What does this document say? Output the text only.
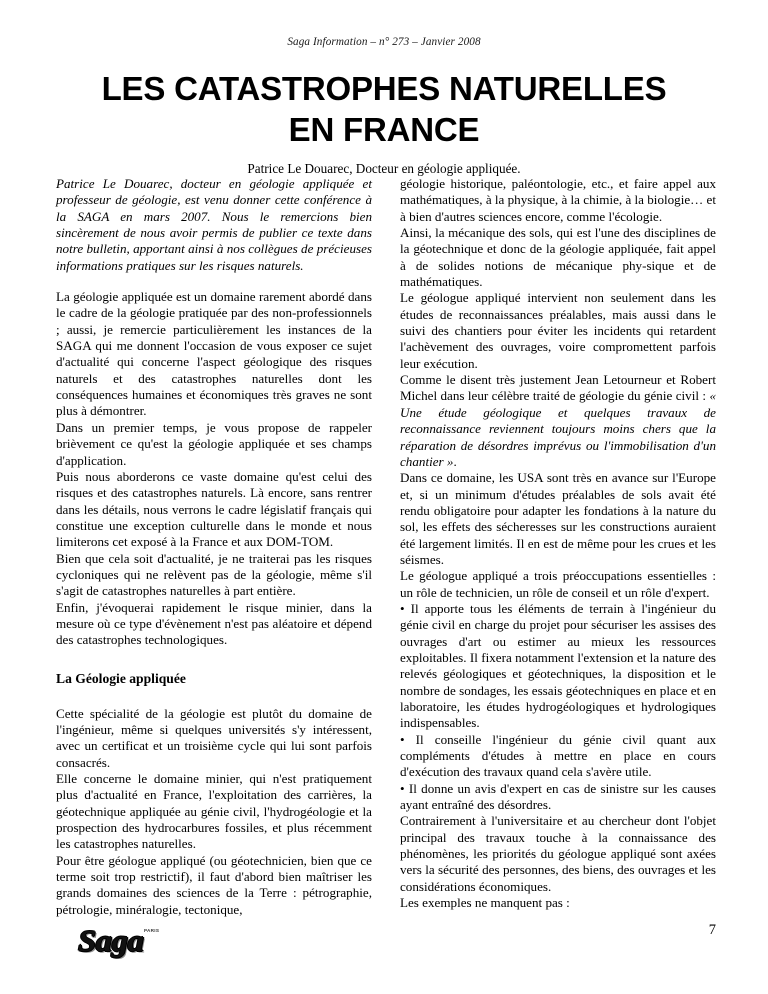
Saga Information – n° 273 – Janvier 2008
LES CATASTROPHES NATURELLES
EN FRANCE
Patrice Le Douarec, Docteur en géologie appliquée.

Patrice Le Douarec, docteur en géologie appliquée et professeur de géologie, est venu donner cette conférence à la SAGA en mars 2007. Nous le remercions bien sincèrement de nous avoir permis de publier ce texte dans notre bulletin, apportant ainsi à nos collègues de précieuses informations pratiques sur les risques naturels.

La géologie appliquée est un domaine rarement abordé dans le cadre de la géologie pratiquée par des non-professionnels ; aussi, je remercie particulièrement les instances de la SAGA qui me donnent l'occasion de vous exposer ce sujet d'actualité qui concerne l'aspect géologique des risques naturels et des catastrophes naturelles dont les conséquences humaines et économiques très graves ne sont plus à démontrer.

Dans un premier temps, je vous propose de rappeler brièvement ce qu'est la géologie appliquée et ses champs d'application.

Puis nous aborderons ce vaste domaine qu'est celui des risques et des catastrophes naturels. Là encore, sans rentrer dans les détails, nous verrons le cadre législatif français qui constitue une exception culturelle dans le monde et nous limiterons cet exposé à la France et aux DOM-TOM.

Bien que cela soit d'actualité, je ne traiterai pas les risques cycloniques qui ne relèvent pas de la géologie, même s'il s'agit de catastrophes naturelles à part entière.

Enfin, j'évoquerai rapidement le risque minier, dans la mesure où ce type d'évènement n'est pas aléatoire et dépend des catastrophes technologiques.

La Géologie appliquée

Cette spécialité de la géologie est plutôt du domaine de l'ingénieur, même si quelques universités s'y intéressent, avec un certificat et un troisième cycle qui lui sont parfois consacrés.

Elle concerne le domaine minier, qui n'est pratiquement plus d'actualité en France, l'exploitation des carrières, la géotechnique appliquée au génie civil, l'hydrogéologie et la prospection des hydrocarbures fossiles, et plus récemment les catastrophes naturelles.

Pour être géologue appliqué (ou géotechnicien, bien que ce terme soit trop restrictif), il faut d'abord bien maîtriser les grands domaines des sciences de la Terre : pétrographie, pétrologie, minéralogie, tectonique,

géologie historique, paléontologie, etc., et faire appel aux mathématiques, à la physique, à la chimie, à la biologie… et à bien d'autres sciences encore, comme l'écologie.

Ainsi, la mécanique des sols, qui est l'une des disciplines de la géotechnique et donc de la géologie appliquée, fait appel à de solides notions de mécanique phy-sique et de mathématiques.

Le géologue appliqué intervient non seulement dans les études de reconnaissances préalables, mais aussi dans le suivi des chantiers pour éviter les incidents qui retardent l'achèvement des ouvrages, voire compromettent parfois leur exécution.

Comme le disent très justement Jean Letourneur et Robert Michel dans leur célèbre traité de géologie du génie civil : « Une étude géologique et quelques travaux de reconnaissance reviennent toujours moins chers que la réparation de désordres imprévus ou l'immobilisation d'un chantier ».

Dans ce domaine, les USA sont très en avance sur l'Europe et, si un minimum d'études préalables de sols avait été rendu obligatoire pour adapter les fondations à la nature du sol, les effets des sécheresses sur les constructions auraient été largement limités. Il en est de même pour les crues et les séismes.

Le géologue appliqué a trois préoccupations essentielles : un rôle de technicien, un rôle de conseil et un rôle d'expert.

• Il apporte tous les éléments de terrain à l'ingénieur du génie civil en charge du projet pour sécuriser les assises des ouvrages d'art ou estimer au mieux les ressources exploitables. Il fixera notamment l'extension et la nature des relevés géologiques et géotechniques, la disposition et le nombre de sondages, les essais géotechniques en place et en laboratoire, les études hydrogéologiques et hydrologiques indispensables.

• Il conseille l'ingénieur du génie civil quant aux compléments d'études à mettre en place en cours d'exécution des travaux quand cela s'avère utile.

• Il donne un avis d'expert en cas de sinistre sur les causes ayant entraîné des désordres.

Contrairement à l'universitaire et au chercheur dont l'objet principal des travaux touche à la connaissance des phénomènes, les priorités du géologue appliqué sont axées vers la sécurité des personnes, des biens, des ouvrages et les considérations économiques.

Les exemples ne manquent pas :

Saga PARIS	7
